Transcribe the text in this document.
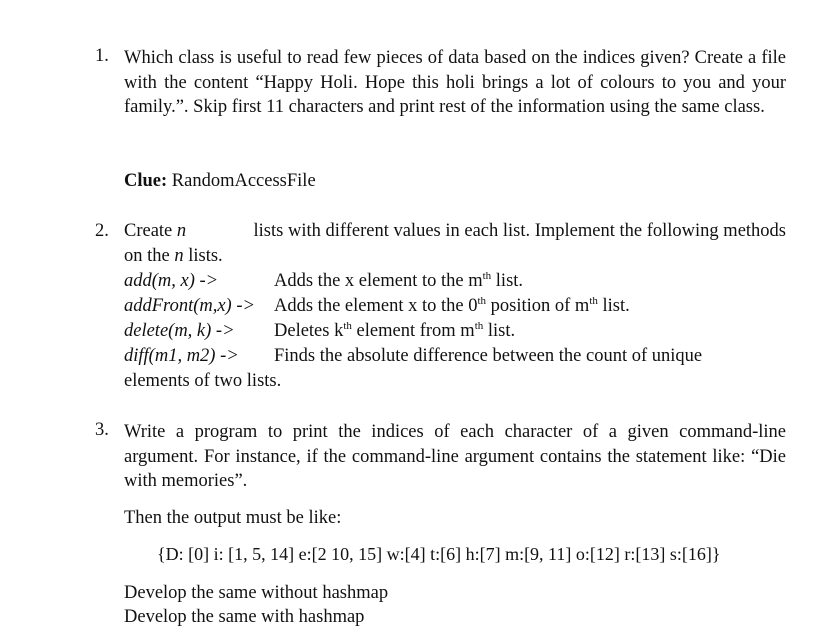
1. Which class is useful to read few pieces of data based on the indices given? Create a file with the content “Happy Holi. Hope this holi brings a lot of colours to you and your family.”. Skip first 11 characters and print rest of the information using the same class.
Clue: RandomAccessFile
2. Create n	lists with different values in each list. Implement the following methods
on the n lists.
add(m, x) ->	Adds the x element to the $m^{th}$ list.
addFront(m,x) -> Adds the element x to the 0th position of $m^{th}$ list.
delete(m, k) -> Deletes $k^{th}$ element from $m^{th}$ list.
diff(m1, m2) -> Finds the absolute difference between the count of unique
elements of two lists.
3. Write a program to print the indices of each character of a given command-line argument. For instance, if the command-line argument contains the statement like: “Die with memories”.
Then the output must be like:
{D: [0] i: [1, 5, 14] e:[2 10, 15] w:[4] t:[6] h:[7] m:[9, 11] o:[12] r:[13] s:[16]}
Develop the same without hashmap
Develop the same with hashmap
